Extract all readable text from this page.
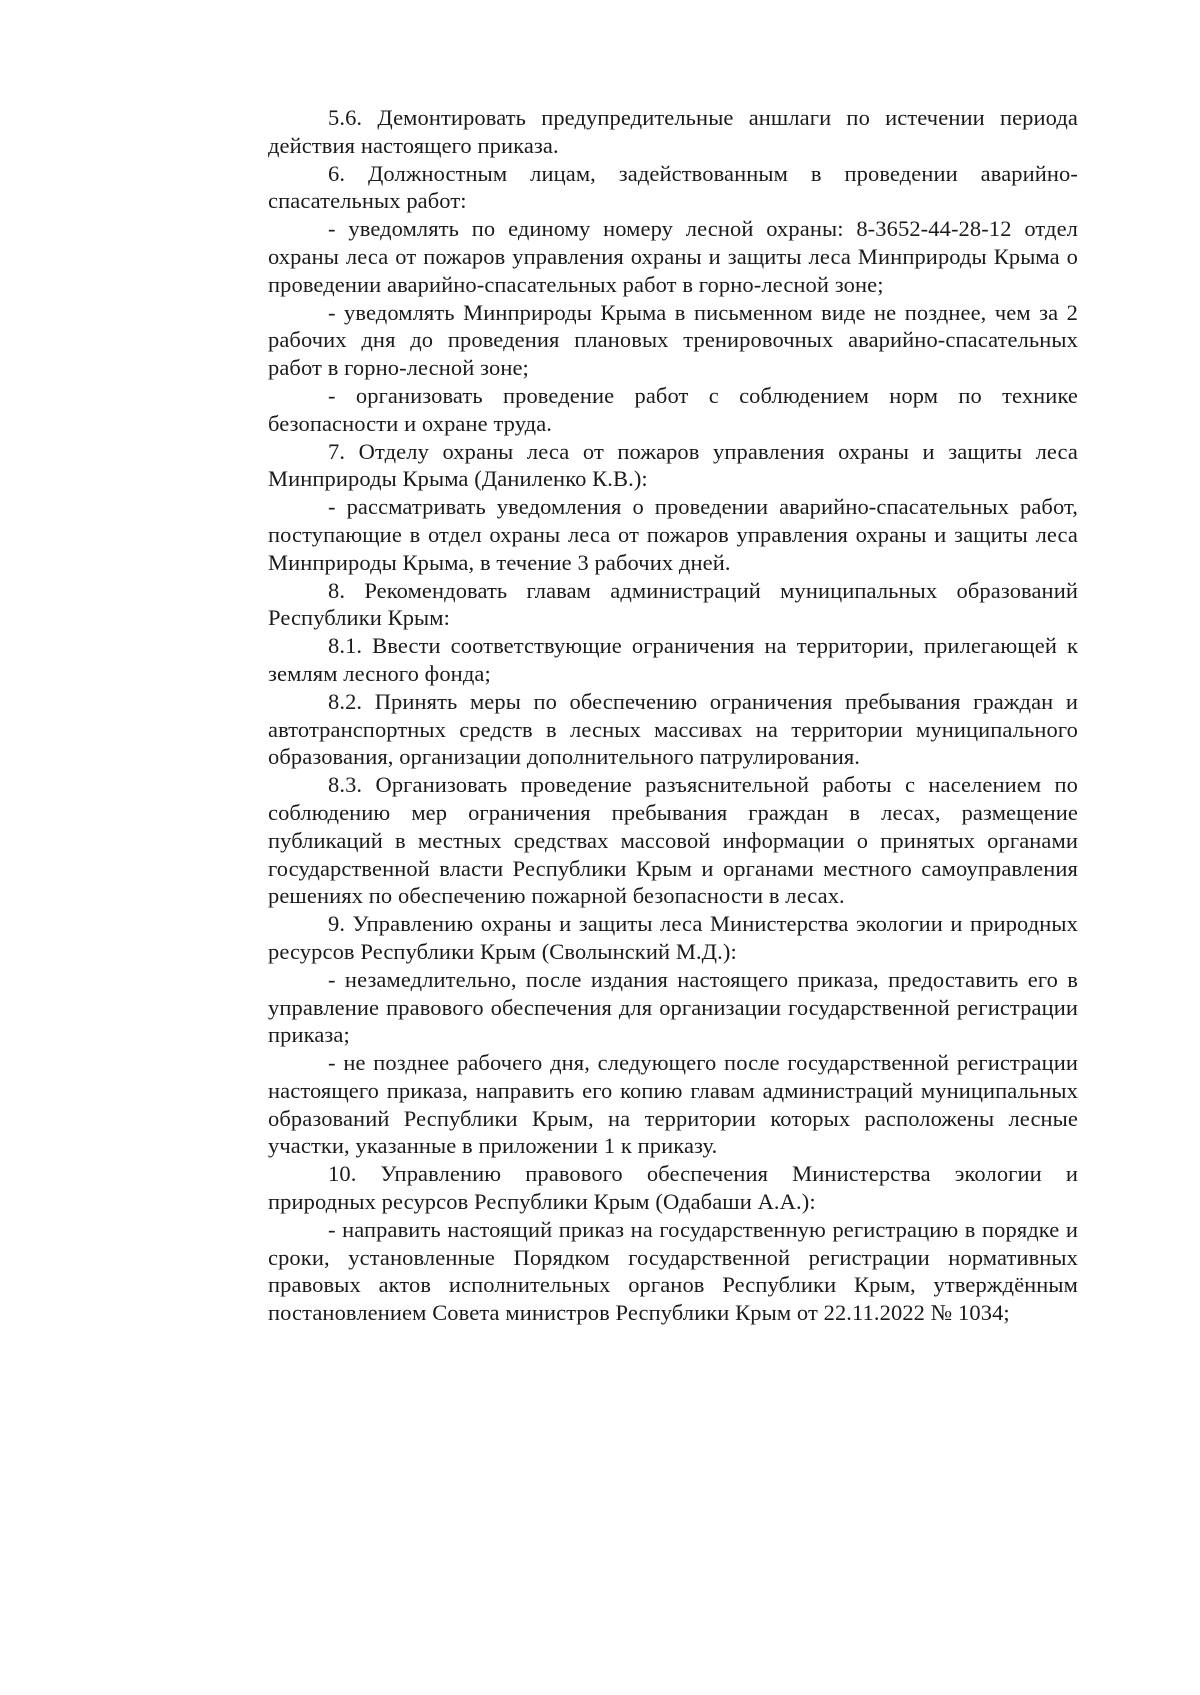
5.6. Демонтировать предупредительные аншлаги по истечении периода действия настоящего приказа.

6. Должностным лицам, задействованным в проведении аварийно-спасательных работ:

- уведомлять по единому номеру лесной охраны: 8-3652-44-28-12 отдел охраны леса от пожаров управления охраны и защиты леса Минприроды Крыма о проведении аварийно-спасательных работ в горно-лесной зоне;

- уведомлять Минприроды Крыма в письменном виде не позднее, чем за 2 рабочих дня до проведения плановых тренировочных аварийно-спасательных работ в горно-лесной зоне;

- организовать проведение работ с соблюдением норм по технике безопасности и охране труда.

7. Отделу охраны леса от пожаров управления охраны и защиты леса Минприроды Крыма (Даниленко К.В.):

- рассматривать уведомления о проведении аварийно-спасательных работ, поступающие в отдел охраны леса от пожаров управления охраны и защиты леса Минприроды Крыма, в течение 3 рабочих дней.

8. Рекомендовать главам администраций муниципальных образований Республики Крым:

8.1. Ввести соответствующие ограничения на территории, прилегающей к землям лесного фонда;

8.2. Принять меры по обеспечению ограничения пребывания граждан и автотранспортных средств в лесных массивах на территории муниципального образования, организации дополнительного патрулирования.

8.3. Организовать проведение разъяснительной работы с населением по соблюдению мер ограничения пребывания граждан в лесах, размещение публикаций в местных средствах массовой информации о принятых органами государственной власти Республики Крым и органами местного самоуправления решениях по обеспечению пожарной безопасности в лесах.

9. Управлению охраны и защиты леса Министерства экологии и природных ресурсов Республики Крым (Сволынский М.Д.):

- незамедлительно, после издания настоящего приказа, предоставить его в управление правового обеспечения для организации государственной регистрации приказа;

- не позднее рабочего дня, следующего после государственной регистрации настоящего приказа, направить его копию главам администраций муниципальных образований Республики Крым, на территории которых расположены лесные участки, указанные в приложении 1 к приказу.

10. Управлению правового обеспечения Министерства экологии и природных ресурсов Республики Крым (Одабаши А.А.):

- направить настоящий приказ на государственную регистрацию в порядке и сроки, установленные Порядком государственной регистрации нормативных правовых актов исполнительных органов Республики Крым, утверждённым постановлением Совета министров Республики Крым от 22.11.2022 № 1034;
